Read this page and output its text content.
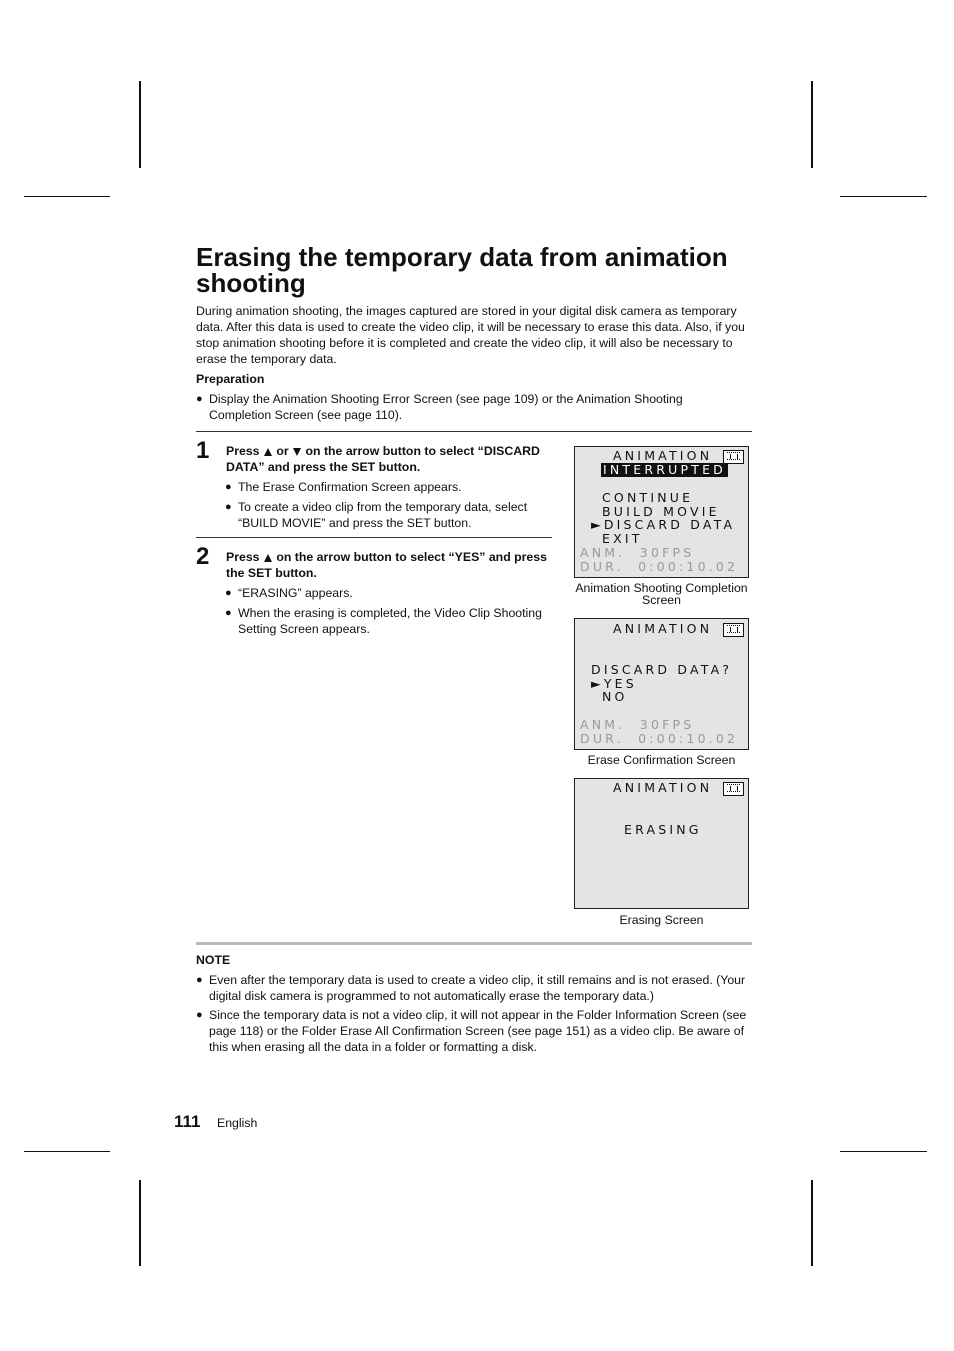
Erasing the temporary data from animation shooting

During animation shooting, the images captured are stored in your digital disk camera as temporary data. After this data is used to create the video clip, it will be necessary to erase this data. Also, if you stop animation shooting before it is completed and create the video clip, it will also be necessary to erase the temporary data.

Preparation
● Display the Animation Shooting Error Screen (see page 109) or the Animation Shooting Completion Screen (see page 110).
1 Press or on the arrow button to select “DISCARD DATA” and press the SET button.
● The Erase Confirmation Screen appears.
● To create a video clip from the temporary data, select “BUILD MOVIE” and press the SET button.
2 Press on the arrow button to select “YES” and press the SET button.
● “ERASING” appears.
● When the erasing is completed, the Video Clip Shooting Setting Screen appears.
ANIMATION
INTERRUPTED
CONTINUE
BUILD MOVIE
►DISCARD DATA
EXIT
ANM.  30FPS
DUR.  0:00:10.02
Animation Shooting Completion Screen
ANIMATION
DISCARD DATA?
►YES
NO
ANM.  30FPS
DUR.  0:00:10.02
Erase Confirmation Screen
ANIMATION
ERASING
Erasing Screen
NOTE
● Even after the temporary data is used to create a video clip, it still remains and is not erased. (Your digital disk camera is programmed to not automatically erase the temporary data.)
● Since the temporary data is not a video clip, it will not appear in the Folder Information Screen (see page 118) or the Folder Erase All Confirmation Screen (see page 151) as a video clip. Be aware of this when erasing all the data in a folder or formatting a disk.
111 English
